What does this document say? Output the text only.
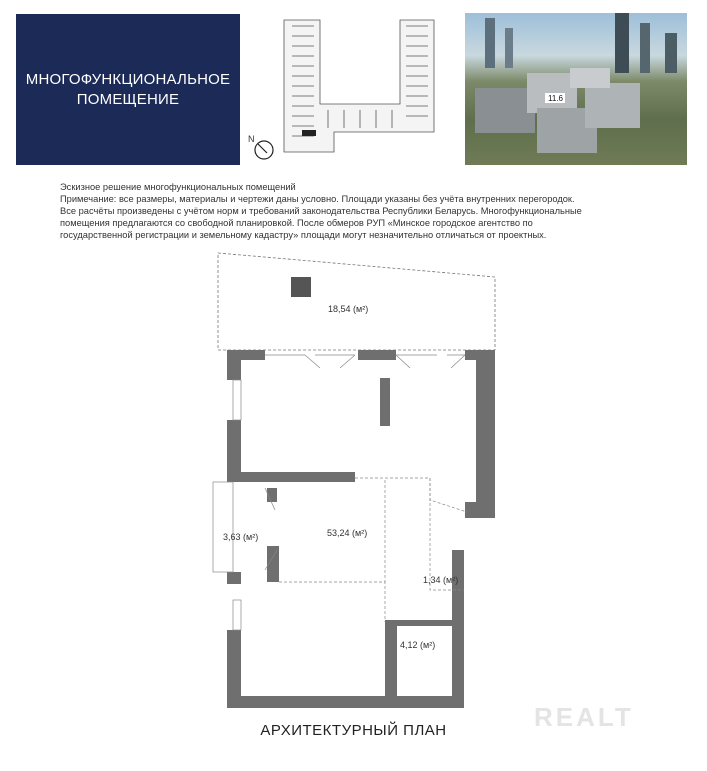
МНОГОФУНКЦИОНАЛЬНОЕ
ПОМЕЩЕНИЕ
N
11.6

Эскизное решение многофункциональных помещений

Примечание: все размеры, материалы и чертежи даны условно. Площади указаны без учёта внутренних перегородок.

Все расчёты произведены с учётом норм и требований законодательства Республики Беларусь. Многофункциональные

помещения предлагаются со свободной планировкой. После обмеров РУП «Минское городское агентство по

государственной регистрации и земельному кадастру» площади могут незначительно отличаться от проектных.

18,54 (м²)
3,63 (м²)	53,24 (м²)
1,34 (м²)
4,12 (м²)
АРХИТЕКТУРНЫЙ ПЛАН	REALT
